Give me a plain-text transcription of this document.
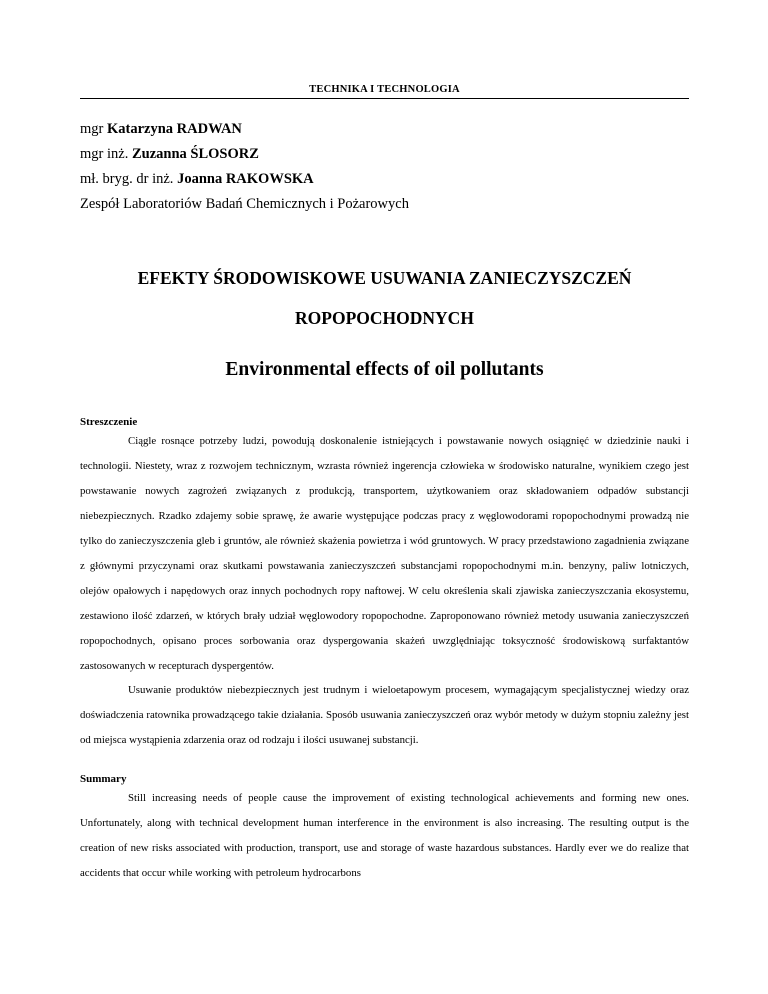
TECHNIKA I TECHNOLOGIA
mgr Katarzyna RADWAN
mgr inż. Zuzanna ŚLOSORZ
mł. bryg. dr inż. Joanna RAKOWSKA
Zespół Laboratoriów Badań Chemicznych i Pożarowych
EFEKTY ŚRODOWISKOWE USUWANIA ZANIECZYSZCZEŃ
ROPOPOCHODNYCH
Environmental effects of oil pollutants

Streszczenie

Ciągle rosnące potrzeby ludzi, powodują doskonalenie istniejących i powstawanie nowych osiągnięć w dziedzinie nauki i technologii. Niestety, wraz z rozwojem technicznym, wzrasta również ingerencja człowieka w środowisko naturalne, wynikiem czego jest powstawanie nowych zagrożeń związanych z produkcją, transportem, użytkowaniem oraz składowaniem odpadów substancji niebezpiecznych. Rzadko zdajemy sobie sprawę, że awarie występujące podczas pracy z węglowodorami ropopochodnymi prowadzą nie tylko do zanieczyszczenia gleb i gruntów, ale również skażenia powietrza i wód gruntowych. W pracy przedstawiono zagadnienia związane z głównymi przyczynami oraz skutkami powstawania zanieczyszczeń substancjami ropopochodnymi m.in. benzyny, paliw lotniczych, olejów opałowych i napędowych oraz innych pochodnych ropy naftowej. W celu określenia skali zjawiska zanieczyszczania ekosystemu, zestawiono ilość zdarzeń, w których brały udział węglowodory ropopochodne. Zaproponowano również metody usuwania zanieczyszczeń ropopochodnych, opisano proces sorbowania oraz dyspergowania skażeń uwzględniając toksyczność środowiskową surfaktantów zastosowanych w recepturach dyspergentów.

Usuwanie produktów niebezpiecznych jest trudnym i wieloetapowym procesem, wymagającym specjalistycznej wiedzy oraz doświadczenia ratownika prowadzącego takie działania. Sposób usuwania zanieczyszczeń oraz wybór metody w dużym stopniu zależny jest od miejsca wystąpienia zdarzenia oraz od rodzaju i ilości usuwanej substancji.

Summary

Still increasing needs of people cause the improvement of existing technological achievements and forming new ones. Unfortunately, along with technical development human interference in the environment is also increasing. The resulting output is the creation of new risks associated with production, transport, use and storage of waste hazardous substances. Hardly ever we do realize that accidents that occur while working with petroleum hydrocarbons
